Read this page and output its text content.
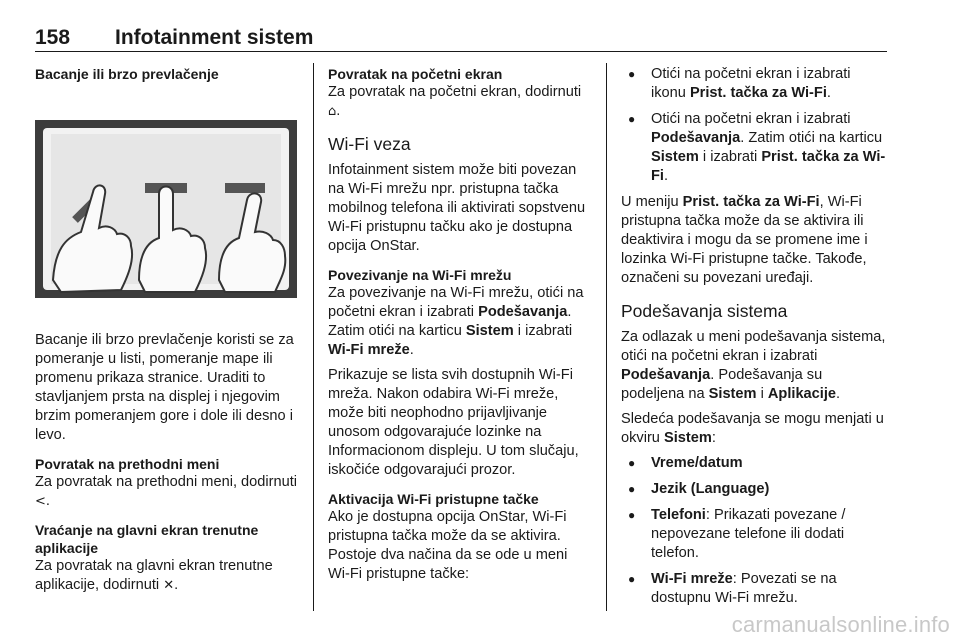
158 Infotainment sistem
Bacanje ili brzo prevlačenje

Bacanje ili brzo prevlačenje koristi se za pomeranje u listi, pomeranje mape ili promenu prikaza stranice. Uraditi to stavljanjem prsta na displej i njegovim brzim pomeranjem gore i dole ili desno i levo.

Povratak na prethodni meni

Za povratak na prethodni meni, dodirnuti <.

Vraćanje na glavni ekran trenutne aplikacije

Za povratak na glavni ekran trenutne aplikacije, dodirnuti ✕.

Povratak na početni ekran

Za povratak na početni ekran, dodirnuti ⌂.

Wi-Fi veza

Infotainment sistem može biti povezan na Wi-Fi mrežu npr. pristupna tačka mobilnog telefona ili aktivirati sopstvenu Wi-Fi pristupnu tačku ako je dostupna opcija OnStar.

Povezivanje na Wi-Fi mrežu

Za povezivanje na Wi-Fi mrežu, otići na početni ekran i izabrati Podešavanja. Zatim otići na karticu Sistem i izabrati Wi-Fi mreže.

Prikazuje se lista svih dostupnih Wi-Fi mreža. Nakon odabira Wi-Fi mreže, može biti neophodno prijavljivanje unosom odgovarajuće lozinke na Informacionom displeju. U tom slučaju, iskočiće odgovarajući prozor.

Aktivacija Wi-Fi pristupne tačke

Ako je dostupna opcija OnStar, Wi-Fi pristupna tačka može da se aktivira. Postoje dva načina da se ode u meni Wi-Fi pristupne tačke:

● Otići na početni ekran i izabrati ikonu Prist. tačka za Wi-Fi.
● Otići na početni ekran i izabrati Podešavanja. Zatim otići na karticu Sistem i izabrati Prist. tačka za Wi-Fi.

U meniju Prist. tačka za Wi-Fi, Wi-Fi pristupna tačka može da se aktivira ili deaktivira i mogu da se promene ime i lozinka Wi-Fi pristupne tačke. Takođe, označeni su povezani uređaji.

Podešavanja sistema

Za odlazak u meni podešavanja sistema, otići na početni ekran i izabrati Podešavanja. Podešavanja su podeljena na Sistem i Aplikacije.

Sledeća podešavanja se mogu menjati u okviru Sistem:

● Vreme/datum
● Jezik (Language)
● Telefoni: Prikazati povezane / nepovezane telefone ili dodati telefon.
● Wi-Fi mreže: Povezati se na dostupnu Wi-Fi mrežu.
carmanualsonline.info
